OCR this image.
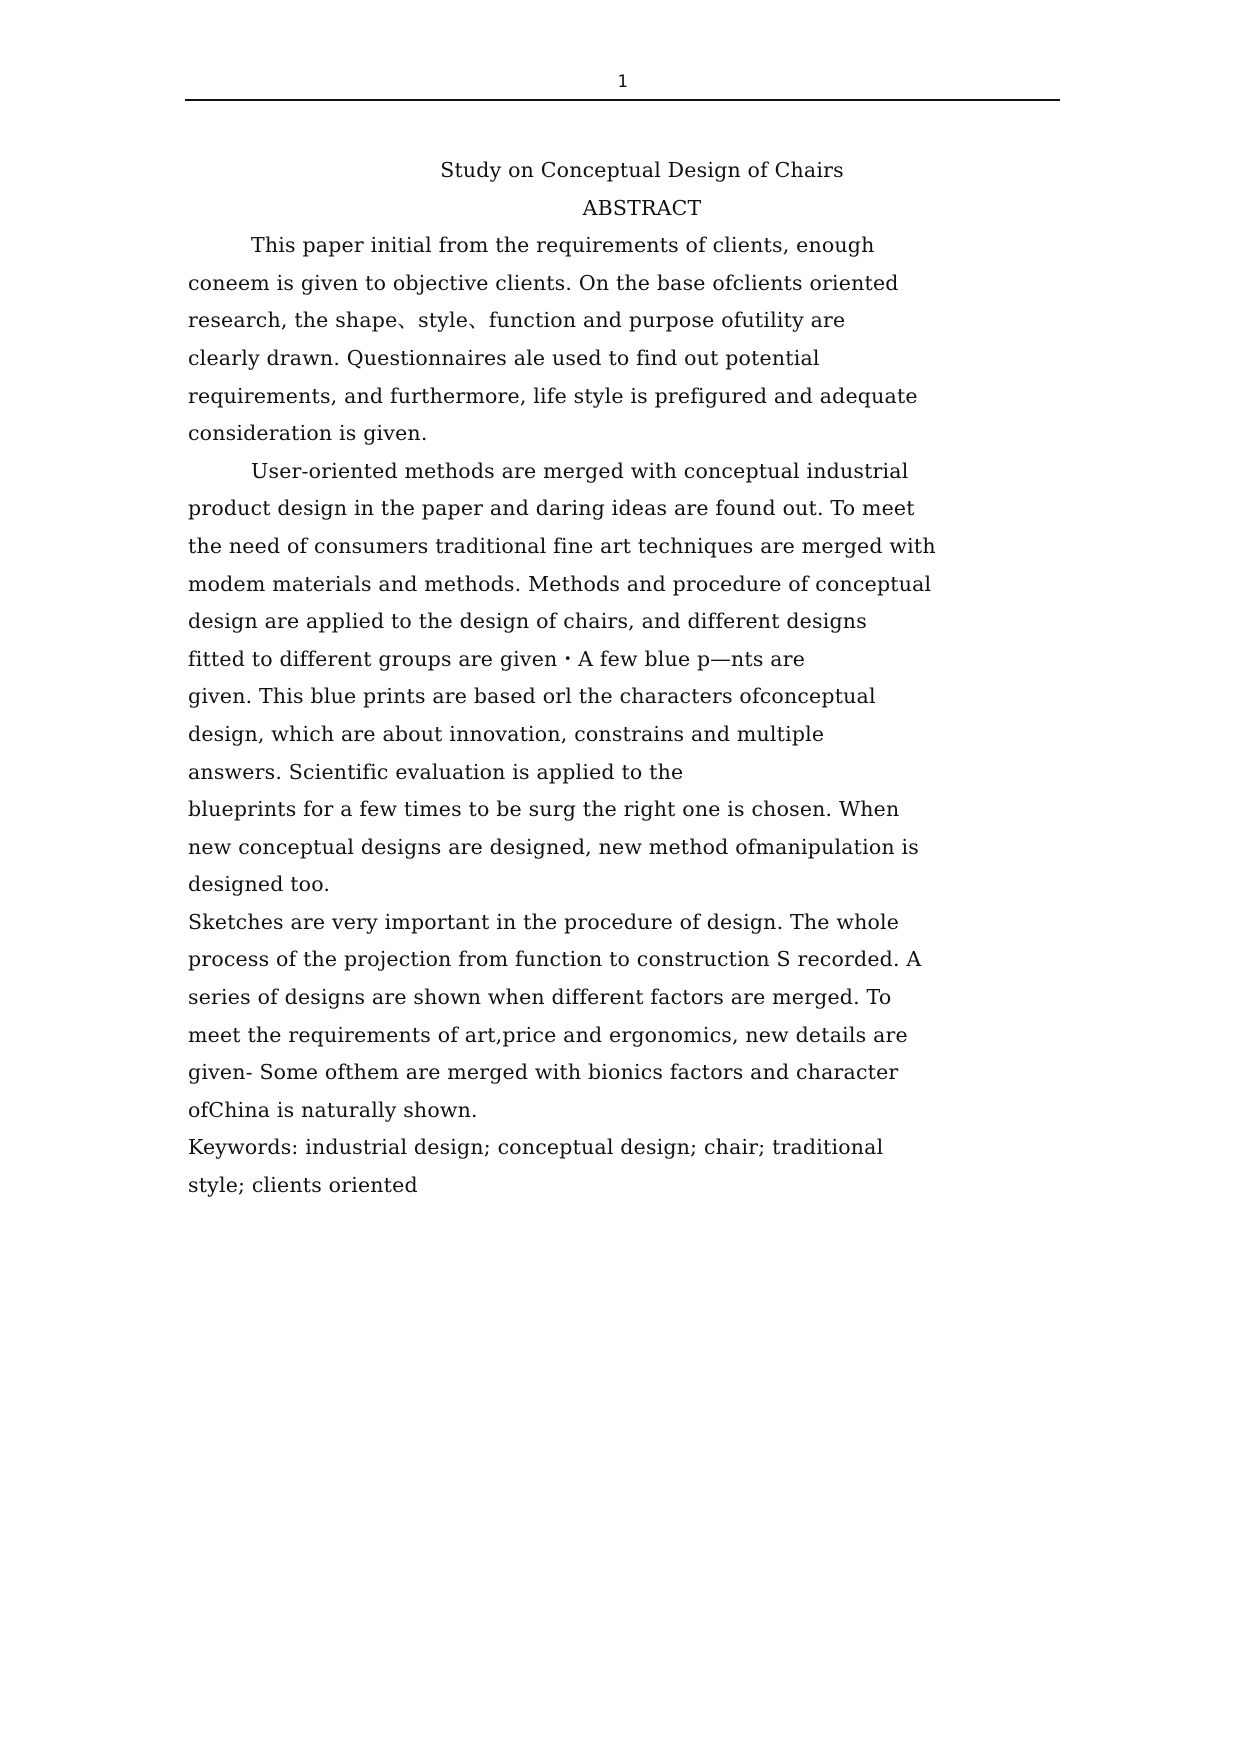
1
Study on Conceptual Design of Chairs
ABSTRACT
This paper initial from the requirements of clients, enough
coneem is given to objective clients. On the base ofclients oriented
research, the shape、style、function and purpose ofutility are
clearly drawn. Questionnaires ale used to find out potential
requirements, and furthermore, life style is prefigured and adequate
consideration is given.
User-oriented methods are merged with conceptual industrial
product design in the paper and daring ideas are found out. To meet
the need of consumers traditional fine art techniques are merged with
modem materials and methods. Methods and procedure of conceptual
design are applied to the design of chairs, and different designs
fitted to different groups are given・A few blue p—nts are
given. This blue prints are based orl the characters ofconceptual
design, which are about innovation, constrains and multiple
answers. Scientific evaluation is applied to the
blueprints for a few times to be surg the right one is chosen. When
new conceptual designs are designed, new method ofmanipulation is
designed too.
Sketches are very important in the procedure of design. The whole
process of the projection from function to construction S recorded. A
series of designs are shown when different factors are merged. To
meet the requirements of art,price and ergonomics, new details are
given- Some ofthem are merged with bionics factors and character
ofChina is naturally shown.
Keywords: industrial design; conceptual design; chair; traditional
style; clients oriented
